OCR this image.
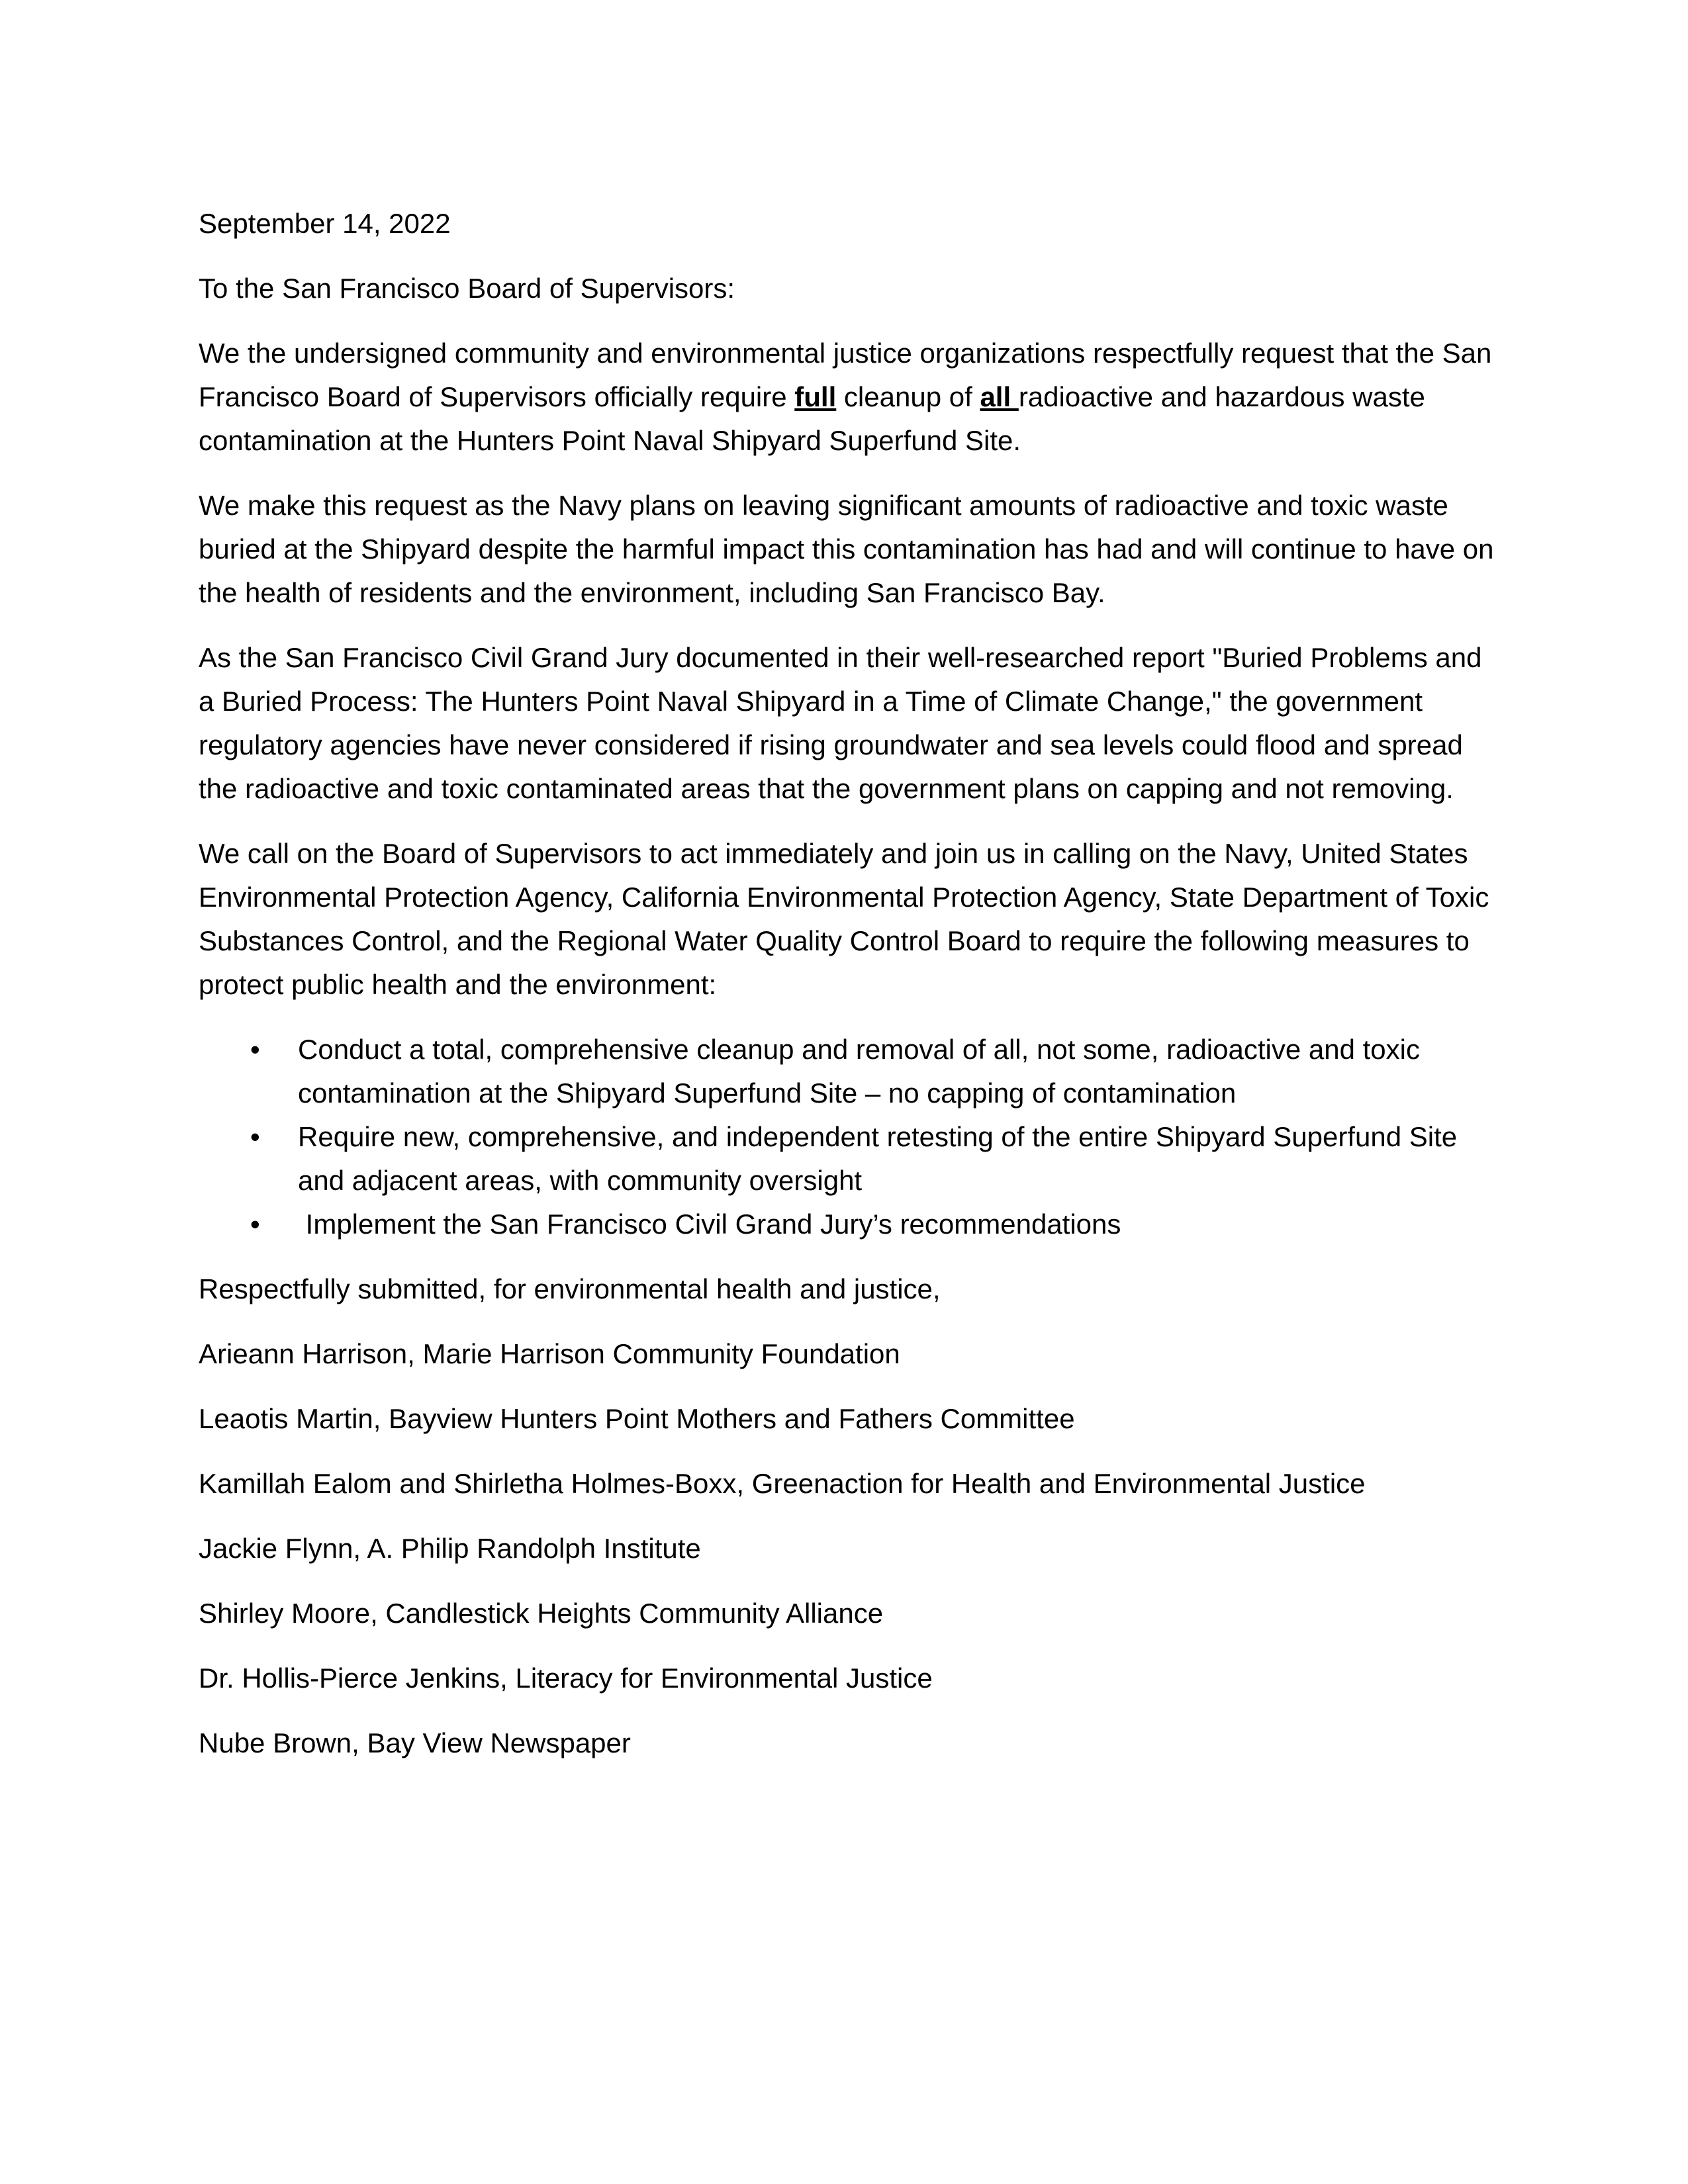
September 14, 2022

To the San Francisco Board of Supervisors:

We the undersigned community and environmental justice organizations respectfully request that the San Francisco Board of Supervisors officially require full cleanup of all radioactive and hazardous waste contamination at the Hunters Point Naval Shipyard Superfund Site.

We make this request as the Navy plans on leaving significant amounts of radioactive and toxic waste buried at the Shipyard despite the harmful impact this contamination has had and will continue to have on the health of residents and the environment, including San Francisco Bay.

As the San Francisco Civil Grand Jury documented in their well-researched report "Buried Problems and a Buried Process: The Hunters Point Naval Shipyard in a Time of Climate Change," the government regulatory agencies have never considered if rising groundwater and sea levels could flood and spread the radioactive and toxic contaminated areas that the government plans on capping and not removing.

We call on the Board of Supervisors to act immediately and join us in calling on the Navy, United States Environmental Protection Agency, California Environmental Protection Agency, State Department of Toxic Substances Control, and the Regional Water Quality Control Board to require the following measures to protect public health and the environment:

• Conduct a total, comprehensive cleanup and removal of all, not some, radioactive and toxic contamination at the Shipyard Superfund Site – no capping of contamination
• Require new, comprehensive, and independent retesting of the entire Shipyard Superfund Site and adjacent areas, with community oversight
• Implement the San Francisco Civil Grand Jury’s recommendations

Respectfully submitted, for environmental health and justice,

Arieann Harrison, Marie Harrison Community Foundation

Leaotis Martin, Bayview Hunters Point Mothers and Fathers Committee

Kamillah Ealom and Shirletha Holmes-Boxx, Greenaction for Health and Environmental Justice

Jackie Flynn, A. Philip Randolph Institute

Shirley Moore, Candlestick Heights Community Alliance

Dr. Hollis-Pierce Jenkins, Literacy for Environmental Justice

Nube Brown, Bay View Newspaper
